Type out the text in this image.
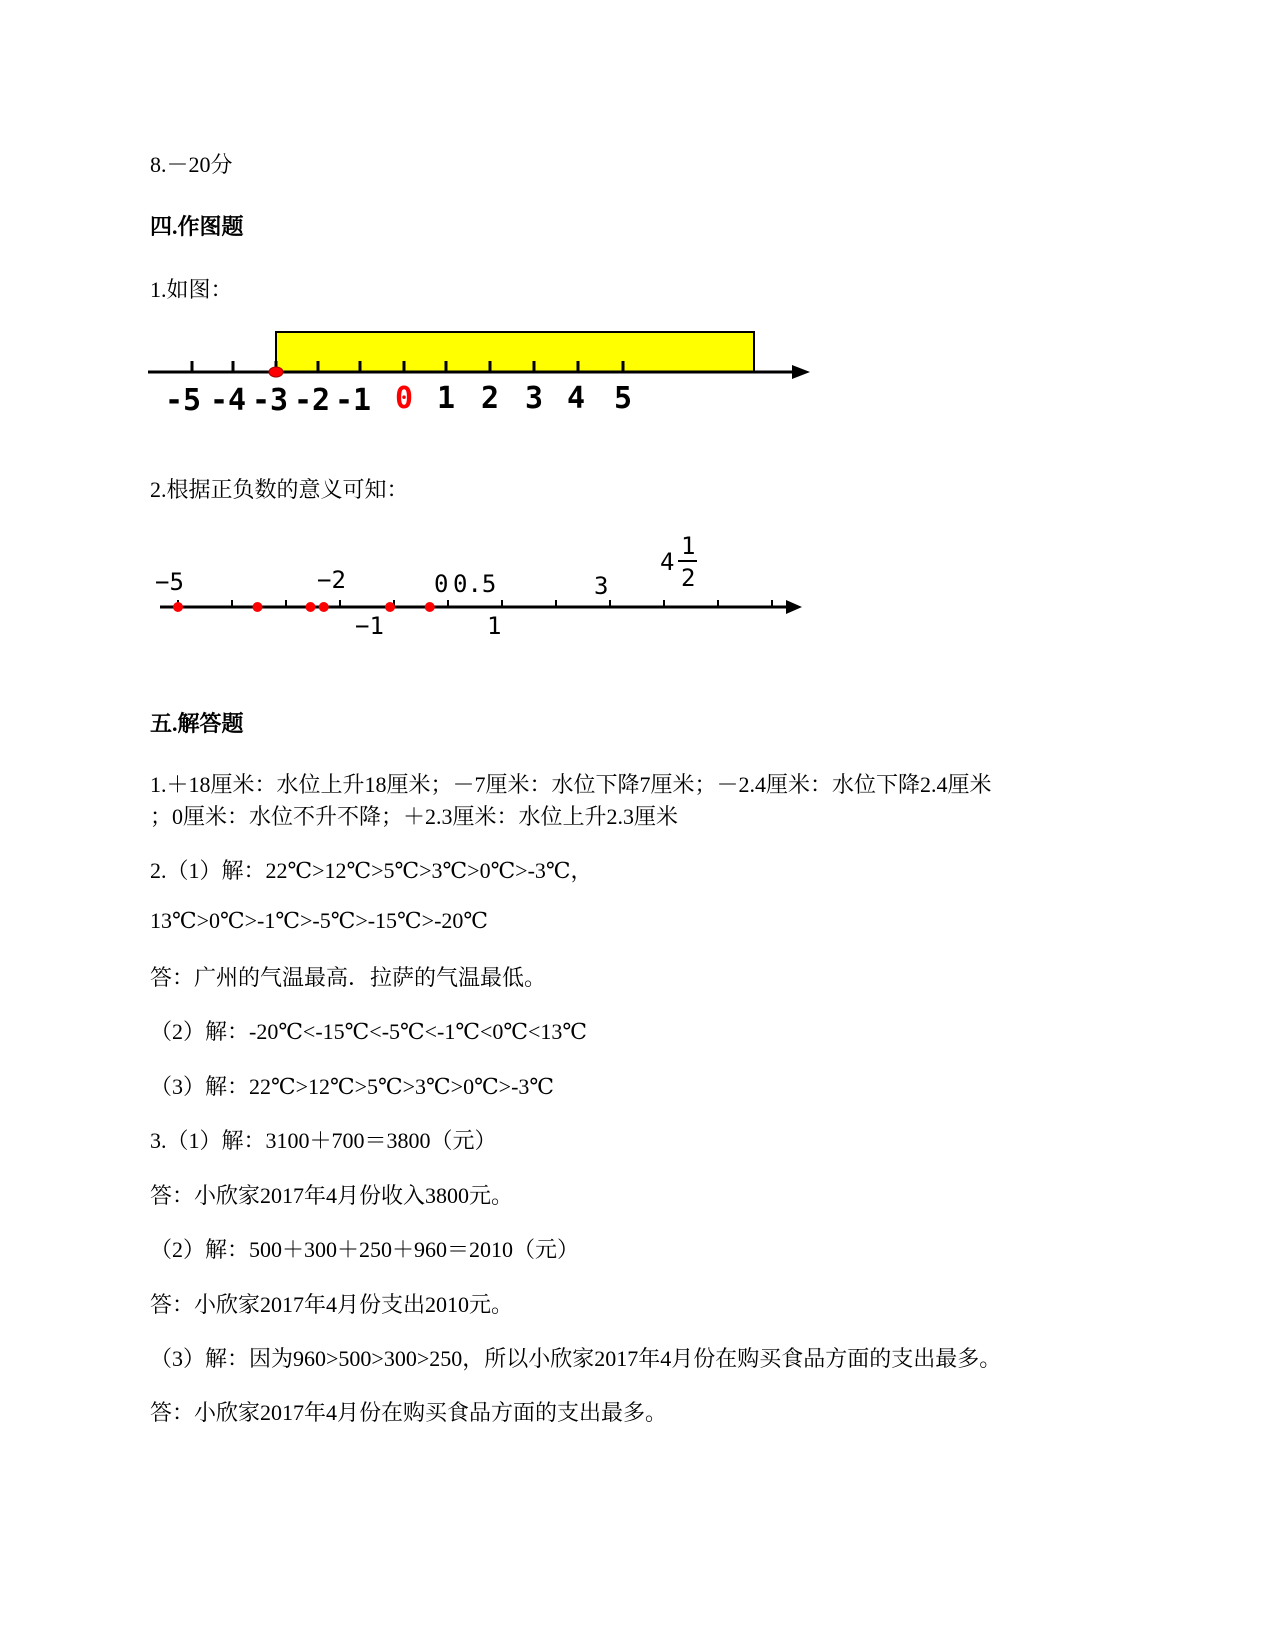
8.－20分
四.作图题
1.如图：
-5 -4 -3 -2 -1 0 1 2 3 4 5
2.根据正负数的意义可知：
−5	−2	0 0.5	3
−1	1
4
1
2
五.解答题
1.＋18厘米：水位上升18厘米；－7厘米：水位下降7厘米；－2.4厘米：水位下降2.4厘米
；0厘米：水位不升不降；＋2.3厘米：水位上升2.3厘米
2.（1）解：22℃>12℃>5℃>3℃>0℃>-3℃，
13℃>0℃>-1℃>-5℃>-15℃>-20℃
答：广州的气温最高．拉萨的气温最低。
（2）解：-20℃<-15℃<-5℃<-1℃<0℃<13℃
（3）解：22℃>12℃>5℃>3℃>0℃>-3℃
3.（1）解：3100＋700＝3800（元）
答：小欣家2017年4月份收入3800元。
（2）解：500＋300＋250＋960＝2010（元）
答：小欣家2017年4月份支出2010元。
（3）解：因为960>500>300>250，所以小欣家2017年4月份在购买食品方面的支出最多。
答：小欣家2017年4月份在购买食品方面的支出最多。
